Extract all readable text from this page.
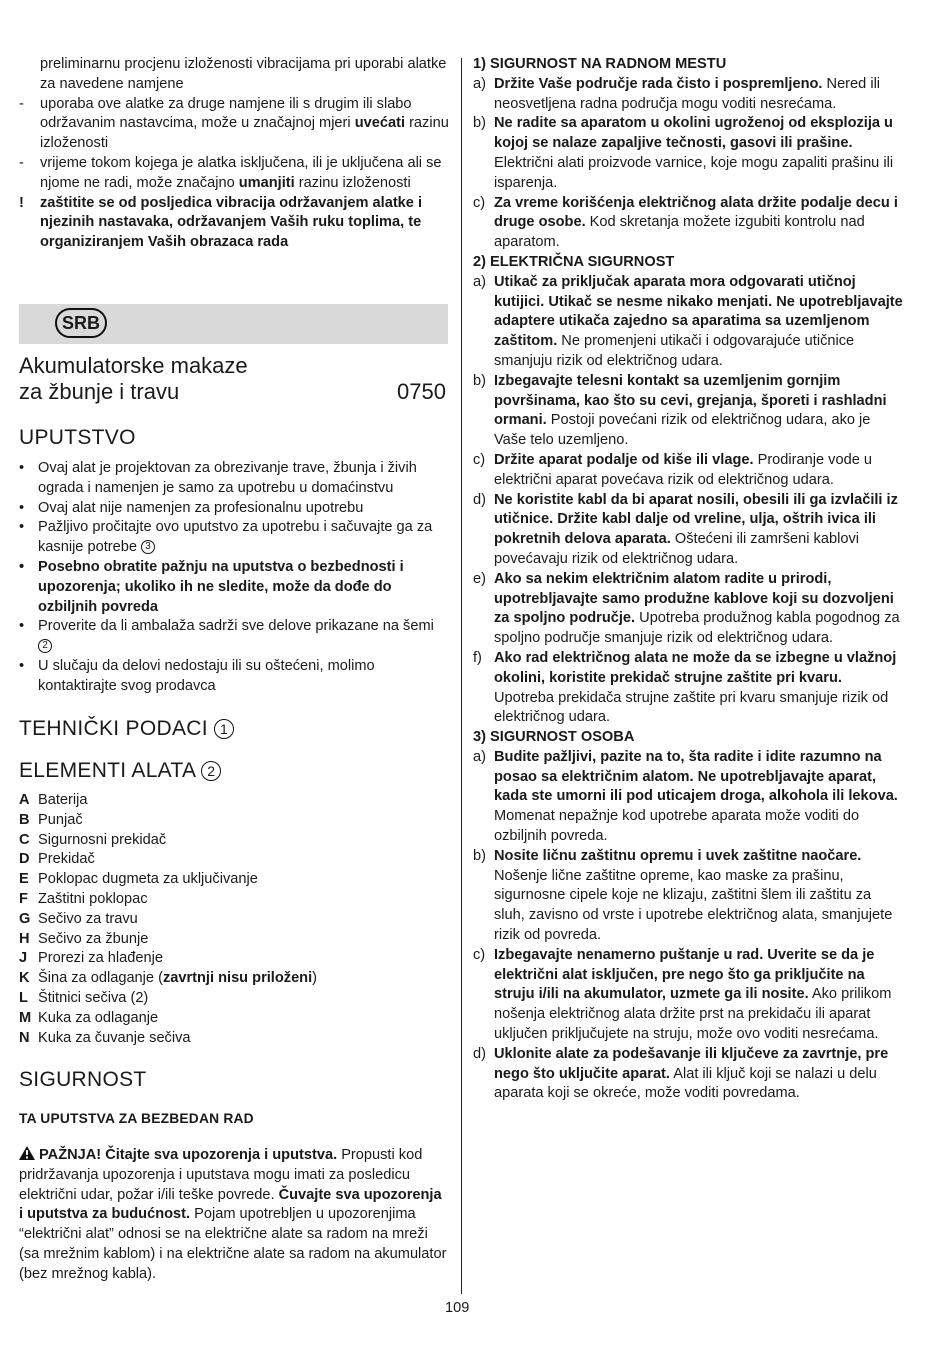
preliminarnu procjenu izloženosti vibracijama pri uporabi alatke za navedene namjene
- uporaba ove alatke za druge namjene ili s drugim ili slabo održavanim nastavcima, može u značajnoj mjeri uvećati razinu izloženosti
- vrijeme tokom kojega je alatka isključena, ili je uključena ali se njome ne radi, može značajno umanjiti razinu izloženosti
! zaštitite se od posljedica vibracija održavanjem alatke i njezinih nastavaka, održavanjem Vaših ruku toplima, te organiziranjem Vaših obrazaca rada
SRB
Akumulatorske makaze
za žbunje i travu	0750
UPUTSTVO
• Ovaj alat je projektovan za obrezivanje trave, žbunja i živih ograda i namenjen je samo za upotrebu u domaćinstvu
• Ovaj alat nije namenjen za profesionalnu upotrebu
• Pažljivo pročitajte ovo uputstvo za upotrebu i sačuvajte ga za kasnije potrebe 3
• Posebno obratite pažnju na uputstva o bezbednosti i upozorenja; ukoliko ih ne sledite, može da dođe do ozbiljnih povreda
• Proverite da li ambalaža sadrži sve delove prikazane na šemi 2
• U slučaju da delovi nedostaju ili su oštećeni, molimo kontaktirajte svog prodavca
TEHNIČKI PODACI 1
ELEMENTI ALATA 2
A Baterija
B Punjač
C Sigurnosni prekidač
D Prekidač
E Poklopac dugmeta za uključivanje
F Zaštitni poklopac
G Sečivo za travu
H Sečivo za žbunje
J Prorezi za hlađenje
K Šina za odlaganje (zavrtnji nisu priloženi)
L Štitnici sečiva (2)
M Kuka za odlaganje
N Kuka za čuvanje sečiva
SIGURNOST
TA UPUTSTVA ZA BEZBEDAN RAD
PAŽNJA! Čitajte sva upozorenja i uputstva. Propusti kod pridržavanja upozorenja i uputstava mogu imati za posledicu električni udar, požar i/ili teške povrede. Čuvajte sva upozorenja i uputstva za budućnost. Pojam upotrebljen u upozorenjima “električni alat” odnosi se na električne alate sa radom na mreži (sa mrežnim kablom) i na električne alate sa radom na akumulator (bez mrežnog kabla).
1) SIGURNOST NA RADNOM MESTU
a) Držite Vaše područje rada čisto i pospremljeno. Nered ili neosvetljena radna područja mogu voditi nesrećama.
b) Ne radite sa aparatom u okolini ugroženoj od eksplozija u kojoj se nalaze zapaljive tečnosti, gasovi ili prašine. Električni alati proizvode varnice, koje mogu zapaliti prašinu ili isparenja.
c) Za vreme korišćenja električnog alata držite podalje decu i druge osobe. Kod skretanja možete izgubiti kontrolu nad aparatom.
2) ELEKTRIČNA SIGURNOST
a) Utikač za priključak aparata mora odgovarati utičnoj kutijici. Utikač se nesme nikako menjati. Ne upotrebljavajte adaptere utikača zajedno sa aparatima sa uzemljenom zaštitom. Ne promenjeni utikači i odgovarajuće utičnice smanjuju rizik od električnog udara.
b) Izbegavajte telesni kontakt sa uzemljenim gornjim površinama, kao što su cevi, grejanja, šporeti i rashladni ormani. Postoji povećani rizik od električnog udara, ako je Vaše telo uzemljeno.
c) Držite aparat podalje od kiše ili vlage. Prodiranje vode u električni aparat povećava rizik od električnog udara.
d) Ne koristite kabl da bi aparat nosili, obesili ili ga izvlačili iz utičnice. Držite kabl dalje od vreline, ulja, oštrih ivica ili pokretnih delova aparata. Oštećeni ili zamršeni kablovi povećavaju rizik od električnog udara.
e) Ako sa nekim električnim alatom radite u prirodi, upotrebljavajte samo produžne kablove koji su dozvoljeni za spoljno područje. Upotreba produžnog kabla pogodnog za spoljno područje smanjuje rizik od električnog udara.
f) Ako rad električnog alata ne može da se izbegne u vlažnoj okolini, koristite prekidač strujne zaštite pri kvaru. Upotreba prekidača strujne zaštite pri kvaru smanjuje rizik od električnog udara.
3) SIGURNOST OSOBA
a) Budite pažljivi, pazite na to, šta radite i idite razumno na posao sa električnim alatom. Ne upotrebljavajte aparat, kada ste umorni ili pod uticajem droga, alkohola ili lekova. Momenat nepažnje kod upotrebe aparata može voditi do ozbiljnih povreda.
b) Nosite ličnu zaštitnu opremu i uvek zaštitne naočare. Nošenje lične zaštitne opreme, kao maske za prašinu, sigurnosne cipele koje ne klizaju, zaštitni šlem ili zaštitu za sluh, zavisno od vrste i upotrebe električnog alata, smanjujete rizik od povreda.
c) Izbegavajte nenamerno puštanje u rad. Uverite se da je električni alat isključen, pre nego što ga priključite na struju i/ili na akumulator, uzmete ga ili nosite. Ako prilikom nošenja električnog alata držite prst na prekidaču ili aparat uključen priključujete na struju, može ovo voditi nesrećama.
d) Uklonite alate za podešavanje ili ključeve za zavrtnje, pre nego što uključite aparat. Alat ili ključ koji se nalazi u delu aparata koji se okreće, može voditi povredama.
109
